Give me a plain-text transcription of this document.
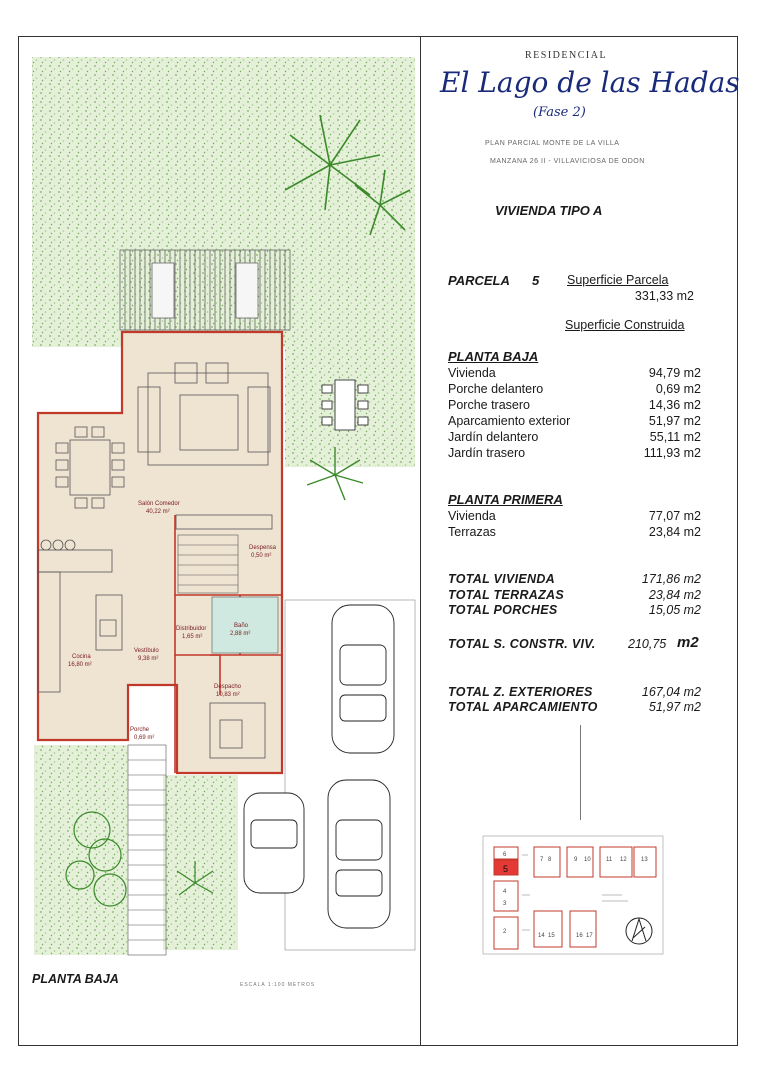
RESIDENCIAL
El Lago de las Hadas
(Fase 2)
PLAN PARCIAL MONTE DE LA VILLA
MANZANA 26 II - VILLAVICIOSA DE ODON
VIVIENDA TIPO A
PARCELA 5 Superficie Parcela
331,33 m2
Superficie Construida
PLANTA BAJA
Vivienda	94,79 m2
Porche delantero	0,69 m2
Porche trasero	14,36 m2
Aparcamiento exterior	51,97 m2
Jardín delantero	55,11 m2
Jardín trasero	111,93 m2
PLANTA PRIMERA
Vivienda	77,07 m2
Terrazas	23,84 m2
TOTAL VIVIENDA	171,86 m2
TOTAL TERRAZAS	23,84 m2
TOTAL PORCHES	15,05 m2
TOTAL S. CONSTR. VIV.	210,75 m2
TOTAL Z. EXTERIORES	167,04 m2
TOTAL APARCAMIENTO	51,97 m2
6
5
7 8	9 10	11 12 13
4
3
2
14 15	16 17
Salón Comedor
40,22 m²
Cocina
16,80 m²
Vestíbulo
9,38 m²
Distribuidor
1,65 m²
Baño
2,88 m²
Despensa
0,50 m²
Despacho
10,83 m²
Porche
0,69 m²
PLANTA BAJA	ESCALA 1:100 METROS
